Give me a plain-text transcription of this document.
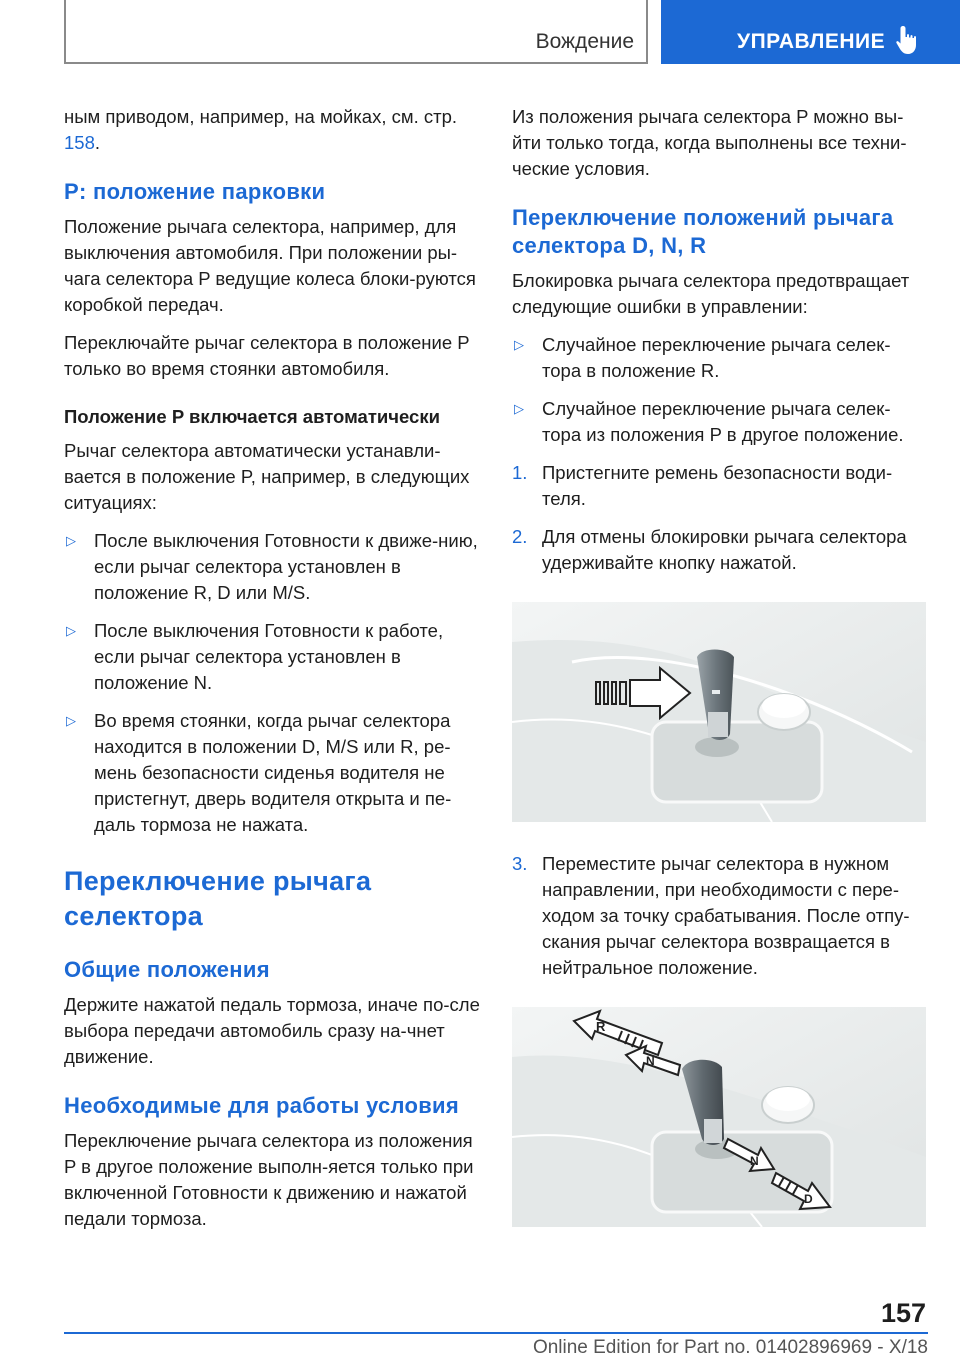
Вождение	УПРАВЛЕНИЕ

ным приводом, например, на мойках, см. стр. 158.

P: положение парковки

Положение рычага селектора, например, для выключения автомобиля. При положении ры-чага селектора P ведущие колеса блоки-руются коробкой передач.

Переключайте рычаг селектора в положение P только во время стоянки автомобиля.

Положение P включается автоматически

Рычаг селектора автоматически устанавли-вается в положение P, например, в следующих ситуациях:

▷ После выключения Готовности к движе-нию, если рычаг селектора установлен в положение R, D или M/S.
▷ После выключения Готовности к работе, если рычаг селектора установлен в положение N.
▷ Во время стоянки, когда рычаг селектора находится в положении D, M/S или R, ре-мень безопасности сиденья водителя не пристегнут, дверь водителя открыта и пе-даль тормоза не нажата.
Переключение рычага селектора
Общие положения

Держите нажатой педаль тормоза, иначе по-сле выбора передачи автомобиль сразу на-чнет движение.

Необходимые для работы условия

Переключение рычага селектора из положения P в другое положение выполн-яется только при включенной Готовности к движению и нажатой педали тормоза.

Из положения рычага селектора P можно вы-йти только тогда, когда выполнены все техни-ческие условия.

Переключение положений рычага селектора D, N, R

Блокировка рычага селектора предотвращает следующие ошибки в управлении:

▷ Случайное переключение рычага селек-тора в положение R.
▷ Случайное переключение рычага селек-тора из положения P в другое положение.
1. Пристегните ремень безопасности води-теля.
2. Для отмены блокировки рычага селектора удерживайте кнопку нажатой.
3. Переместите рычаг селектора в нужном направлении, при необходимости с пере-ходом за точку срабатывания. После отпу-скания рычаг селектора возвращается в нейтральное положение.
R
N
N
D
157
Online Edition for Part no. 01402896969 - X/18
